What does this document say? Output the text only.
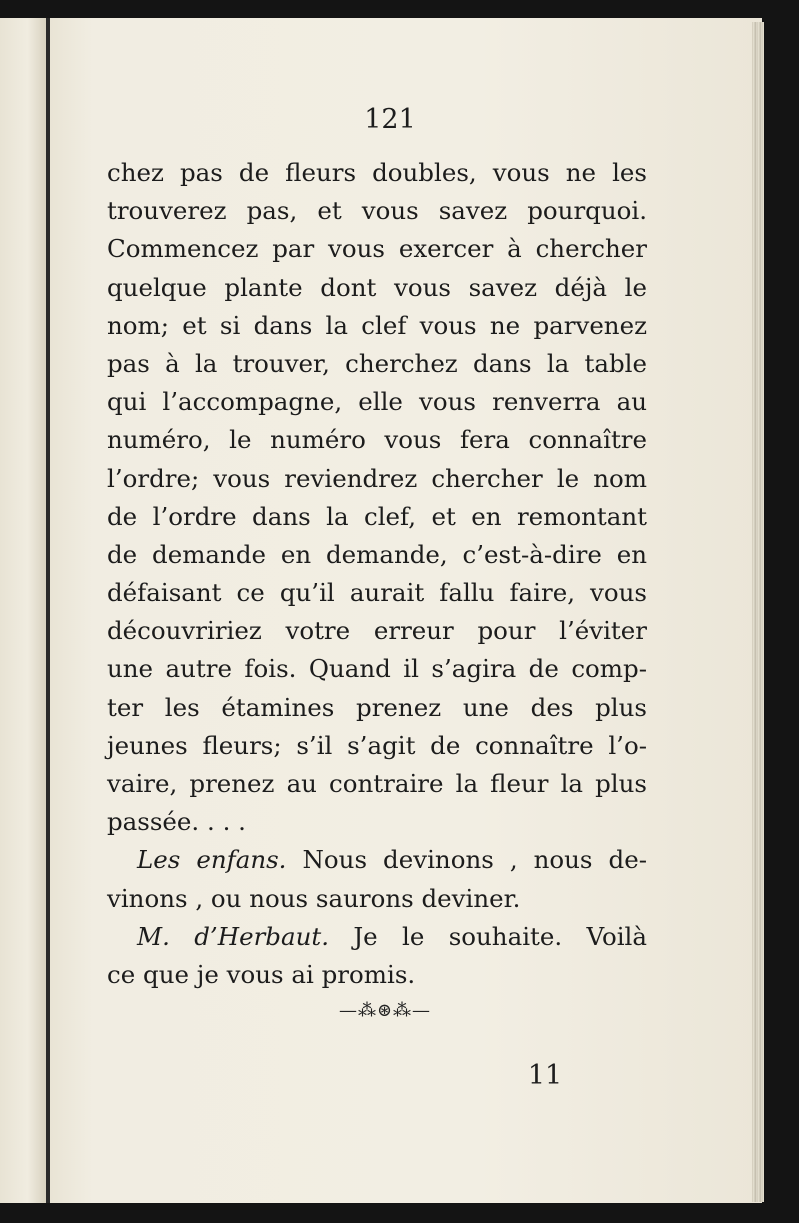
121
chez pas de fleurs doubles, vous ne les
trouverez pas, et vous savez pourquoi.
Commencez par vous exercer à chercher
quelque plante dont vous savez déjà le
nom; et si dans la clef vous ne parvenez
pas à la trouver, cherchez dans la table
qui l’accompagne, elle vous renverra au
numéro, le numéro vous fera connaître
l’ordre; vous reviendrez chercher le nom
de l’ordre dans la clef, et en remontant
de demande en demande, c’est-à-dire en
défaisant ce qu’il aurait fallu faire, vous
découvririez votre erreur pour l’éviter
une autre fois. Quand il s’agira de comp-
ter les étamines prenez une des plus
jeunes fleurs; s’il s’agit de connaître l’o-
vaire, prenez au contraire la fleur la plus
passée. . . .
Les enfans. Nous devinons , nous de-
vinons , ou nous saurons deviner.
M. d’Herbaut. Je le souhaite. Voilà
ce que je vous ai promis.
—⁂⊛⁂—
11
